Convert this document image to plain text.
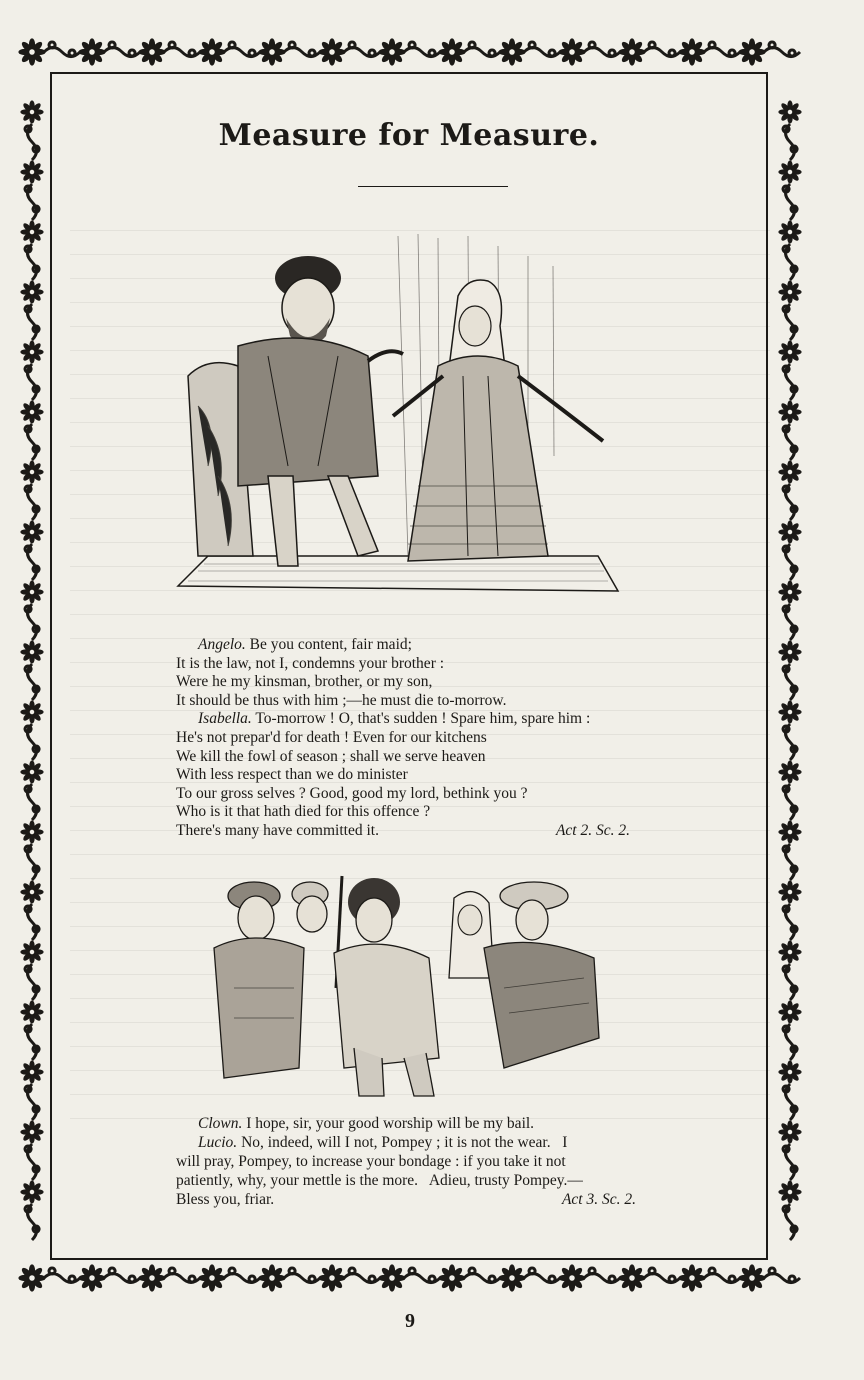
Measure for Measure.
Angelo. Be you content, fair maid;
It is the law, not I, condemns your brother :
Were he my kinsman, brother, or my son,
It should be thus with him ;—he must die to-morrow.
Isabella. To-morrow ! O, that's sudden ! Spare him, spare him :
He's not prepar'd for death ! Even for our kitchens
We kill the fowl of season ; shall we serve heaven
With less respect than we do minister
To our gross selves ? Good, good my lord, bethink you ?
Who is it that hath died for this offence ?
There's many have committed it.	Act 2. Sc. 2.
Clown. I hope, sir, your good worship will be my bail.
Lucio. No, indeed, will I not, Pompey ; it is not the wear.   I
will pray, Pompey, to increase your bondage : if you take it not
patiently, why, your mettle is the more.   Adieu, trusty Pompey.—
Bless you, friar.	Act 3. Sc. 2.
9
